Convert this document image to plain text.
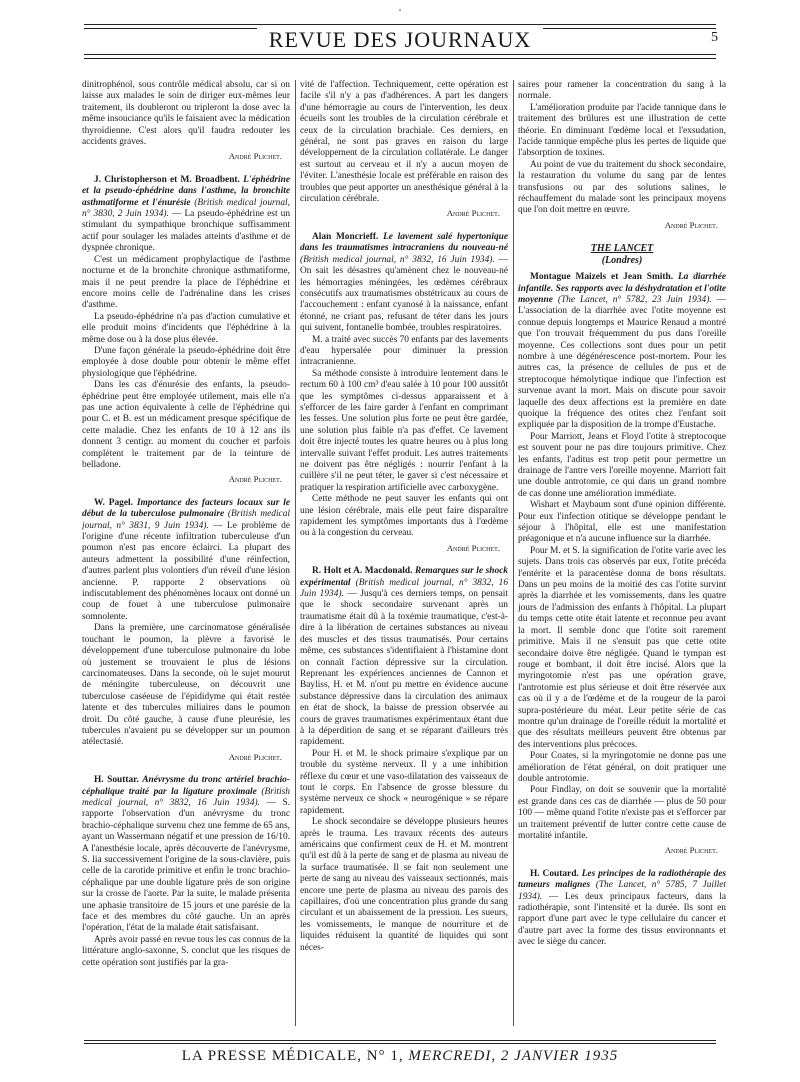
"
REVUE DES JOURNAUX	5

dinitrophénol, sous contrôle médical absolu, car si on laisse aux malades le soin de diriger eux-mêmes leur traitement, ils doubleront ou tripleront la dose avec la même insouciance qu'ils le faisaient avec la médication thyroïdienne. C'est alors qu'il faudra redouter les accidents graves.

André Plichet.

J. Christopherson et M. Broadbent. L'éphédrine et la pseudo-éphédrine dans l'asthme, la bronchite asthmatiforme et l'énurésie (British medical journal, n° 3830, 2 Juin 1934). — La pseudo-éphédrine est un stimulant du sympathique bronchique suffisamment actif pour soulager les malades atteints d'asthme et de dyspnée chronique.

C'est un médicament prophylactique de l'asthme nocturne et de la bronchite chronique asthmatiforme, mais il ne peut prendre la place de l'éphédrine et encore moins celle de l'adrénaline dans les crises d'asthme.

La pseudo-éphédrine n'a pas d'action cumulative et elle produit moins d'incidents que l'éphédrine à la même dose ou à la dose plus élevée.

D'une façon générale la pseudo-éphédrine doit être employée à dose double pour obtenir le même effet physiologique que l'éphédrine.

Dans les cas d'énurésie des enfants, la pseudo-éphédrine peut être employée utilement, mais elle n'a pas une action équivalente à celle de l'éphédrine qui pour C. et B. est un médicament presque spécifique de cette maladie. Chez les enfants de 10 à 12 ans ils donnent 3 centigr. au moment du coucher et parfois complètent le traitement par de la teinture de belladone.

André Plichet.

W. Pagel. Importance des facteurs locaux sur le début de la tuberculose pulmonaire (British medical journal, n° 3831, 9 Juin 1934). — Le problème de l'origine d'une récente infiltration tuberculeuse d'un poumon n'est pas encore éclairci. La plupart des auteurs admettent la possibilité d'une réinfection, d'autres parlent plus volontiers d'un réveil d'une lésion ancienne. P. rapporte 2 observations où indiscutablement des phénomènes locaux ont donné un coup de fouet à une tuberculose pulmonaire somnolente.

Dans la première, une carcinomatose généralisée touchant le poumon, la plèvre a favorisé le développement d'une tuberculose pulmonaire du lobe où justement se trouvaient le plus de lésions carcinomateuses. Dans la seconde, où le sujet mourut de méningite tuberculeuse, on découvrit une tuberculose caséeuse de l'épididyme qui était restée latente et des tubercules miliaires dans le poumon droit. Du côté gauche, à cause d'une pleurésie, les tubercules n'avaient pu se développer sur un poumon atélectasié.

André Plichet.

H. Souttar. Anévrysme du tronc artériel brachio-céphalique traité par la ligature proximale (British medical journal, n° 3832, 16 Juin 1934). — S. rapporte l'observation d'un anévrysme du tronc brachio-céphalique survenu chez une femme de 65 ans, ayant un Wassermann négatif et une pression de 16/10. A l'anesthésie locale, après découverte de l'anévrysme, S. lia successivement l'origine de la sous-clavière, puis celle de la carotide primitive et enfin le tronc brachio-céphalique par une double ligature près de son origine sur la crosse de l'aorte. Par la suite, le malade présenta une aphasie transitoire de 15 jours et une parésie de la face et des membres du côté gauche. Un an après l'opération, l'état de la malade était satisfaisant.

Après avoir passé en revue tous les cas connus de la littérature anglo-saxonne, S. conclut que les risques de cette opération sont justifiés par la gra-

vité de l'affection. Techniquement, cette opération est facile s'il n'y a pas d'adhérences. A part les dangers d'une hémorragie au cours de l'intervention, les deux écueils sont les troubles de la circulation cérébrale et ceux de la circulation brachiale. Ces derniers, en général, ne sont pas graves en raison du large développement de la circulation collatérale. Le danger est surtout au cerveau et il n'y a aucun moyen de l'éviter. L'anesthésie locale est préférable en raison des troubles que peut apporter un anesthésique général à la circulation cérébrale.

André Plichet.

Alan Moncrieff. Le lavement salé hypertonique dans les traumatismes intracraniens du nouveau-né (British medical journal, n° 3832, 16 Juin 1934). — On sait les désastres qu'amènent chez le nouveau-né les hémorragies méningées, les œdèmes cérébraux consécutifs aux traumatismes obstétricaux au cours de l'accouchement : enfant cyanosé à la naissance, enfant étonné, ne criant pas, refusant de téter dans les jours qui suivent, fontanelle bombée, troubles respiratoires.

M. a traité avec succès 70 enfants par des lavements d'eau hypersalée pour diminuer la pression intracranienne.

Sa méthode consiste à introduire lentement dans le rectum 60 à 100 cm³ d'eau salée à 10 pour 100 aussitôt que les symptômes ci-dessus apparaissent et à s'efforcer de les faire garder à l'enfant en comprimant les fesses. Une solution plus forte ne peut être gardée, une solution plus faible n'a pas d'effet. Ce lavement doit être injecté toutes les quatre heures ou à plus long intervalle suivant l'effet produit. Les autres traitements ne doivent pas être négligés : nourrir l'enfant à la cuillère s'il ne peut téter, le gaver si c'est nécessaire et pratiquer la respiration artificielle avec carboxygène.

Cette méthode ne peut sauver les enfants qui ont une lésion cérébrale, mais elle peut faire disparaître rapidement les symptômes importants dus à l'œdème ou à la congestion du cerveau.

André Plichet.

R. Holt et A. Macdonald. Remarques sur le shock expérimental (British medical journal, n° 3832, 16 Juin 1934). — Jusqu'à ces derniers temps, on pensait que le shock secondaire survenant après un traumatisme était dû à la toxémie traumatique, c'est-à-dire à la libération de certaines substances au niveau des muscles et des tissus traumatisés. Pour certains même, ces substances s'identifiaient à l'histamine dont on connaît l'action dépressive sur la circulation. Reprenant les expériences anciennes de Cannon et Bayliss, H. et M. n'ont pu mettre en évidence aucune substance dépressive dans la circulation des animaux en état de shock, la baisse de pression observée au cours de graves traumatismes expérimentaux étant due à la déperdition de sang et se réparant d'ailleurs très rapidement.

Pour H. et M. le shock primaire s'explique par un trouble du système nerveux. Il y a une inhibition réflexe du cœur et une vaso-dilatation des vaisseaux de tout le corps. En l'absence de grosse blessure du système nerveux ce shock « neurogénique » se répare rapidement.

Le shock secondaire se développe plusieurs heures après le trauma. Les travaux récents des auteurs américains que confirment ceux de H. et M. montrent qu'il est dû à la perte de sang et de plasma au niveau de la surface traumatisée. Il se fait non seulement une perte de sang au niveau des vaisseaux sectionnés, mais encore une perte de plasma au niveau des parois des capillaires, d'où une concentration plus grande du sang circulant et un abaissement de la pression. Les sueurs, les vomissements, le manque de nourriture et de liquides réduisent la quantité de liquides qui sont néces-

saires pour ramener la concentration du sang à la normale.

L'amélioration produite par l'acide tannique dans le traitement des brûlures est une illustration de cette théorie. En diminuant l'œdème local et l'exsudation, l'acide tannique empêche plus les pertes de liquide que l'absorption de toxines.

Au point de vue du traitement du shock secondaire, la restauration du volume du sang par de lentes transfusions ou par des solutions salines, le réchauffement du malade sont les principaux moyens que l'on doit mettre en œuvre.

André Plichet.

THE LANCET
(Londres)

Montague Maizels et Jean Smith. La diarrhée infantile. Ses rapports avec la déshydratation et l'otite moyenne (The Lancet, n° 5782, 23 Juin 1934). — L'association de la diarrhée avec l'otite moyenne est connue depuis longtemps et Maurice Renaud a montré que l'on trouvait fréquemment du pus dans l'oreille moyenne. Ces collections sont dues pour un petit nombre à une dégénérescence post-mortem. Pour les autres cas, la présence de cellules de pus et de streptocoque hémolytique indique que l'infection est survenue avant la mort. Mais on discute pour savoir laquelle des deux affections est la première en date quoique la fréquence des otites chez l'enfant soit expliquée par la disposition de la trompe d'Eustache.

Pour Marriott, Jeans et Floyd l'otite à streptocoque est souvent pour ne pas dire toujours primitive. Chez les enfants, l'aditus est trop petit pour permettre un drainage de l'antre vers l'oreille moyenne. Marriott fait une double antrotomie, ce qui dans un grand nombre de cas donne une amélioration immédiate.

Wishart et Maybaum sont d'une opinion différente. Pour eux l'infection otitique se développe pendant le séjour à l'hôpital, elle est une manifestation préagonique et n'a aucune influence sur la diarrhée.

Pour M. et S. la signification de l'otite varie avec les sujets. Dans trois cas observés par eux, l'otite précéda l'entérite et la paracentèse donna de bons résultats. Dans un peu moins de la moitié des cas l'otite survint après la diarrhée et les vomissements, dans les quatre jours de l'admission des enfants à l'hôpital. La plupart du temps cette otite était latente et reconnue peu avant la mort. Il semble donc que l'otite soit rarement primitive. Mais il ne s'ensuit pas que cette otite secondaire doive être négligée. Quand le tympan est rouge et bombant, il doit être incisé. Alors que la myringotomie n'est pas une opération grave, l'antrotomie est plus sérieuse et doit être réservée aux cas où il y a de l'œdème et de la rougeur de la paroi supra-postérieure du méat. Leur petite série de cas montre qu'un drainage de l'oreille réduit la mortalité et que des résultats meilleurs peuvent être obtenus par des interventions plus précoces.

Pour Coates, si la myringotomie ne donne pas une amélioration de l'état général, on doit pratiquer une double antrotomie.

Pour Findlay, on doit se souvenir que la mortalité est grande dans ces cas de diarrhée — plus de 50 pour 100 — même quand l'otite n'existe pas et s'efforcer par un traitement préventif de lutter contre cette cause de mortalité infantile.

André Plichet.

H. Coutard. Les principes de la radiothérapie des tumeurs malignes (The Lancet, n° 5785, 7 Juillet 1934). — Les deux principaux facteurs, dans la radiothérapie, sont l'intensité et la durée. Ils sont en rapport d'une part avec le type cellulaire du cancer et d'autre part avec la forme des tissus environnants et avec le siège du cancer.

LA PRESSE MÉDICALE, N° 1, MERCREDI, 2 JANVIER 1935
